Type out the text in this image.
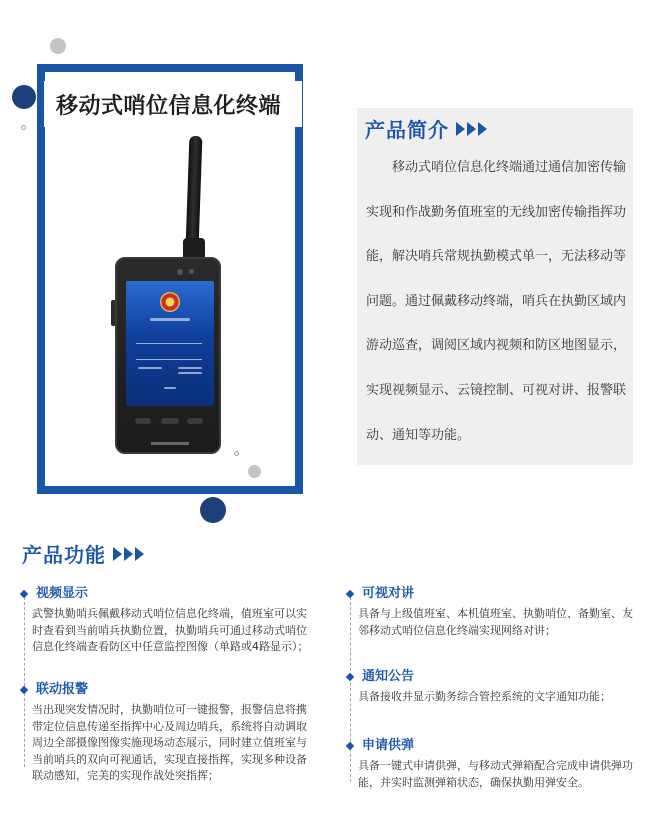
移动式哨位信息化终端
产品简介

移动式哨位信息化终端通过通信加密传输实现和作战勤务值班室的无线加密传输指挥功能，解决哨兵常规执勤模式单一，无法移动等问题。通过佩戴移动终端，哨兵在执勤区域内游动巡查，调阅区域内视频和防区地图显示，实现视频显示、云镜控制、可视对讲、报警联动、通知等功能。

产品功能
视频显示
武警执勤哨兵佩戴移动式哨位信息化终端，值班室可以实时查看到当前哨兵执勤位置，执勤哨兵可通过移动式哨位信息化终端查看防区中任意监控图像（单路或4路显示）；
联动报警
当出现突发情况时，执勤哨位可一键报警，报警信息将携带定位信息传递至指挥中心及周边哨兵，系统将自动调取周边全部摄像图像实施现场动态展示，同时建立值班室与当前哨兵的双向可视通话，实现直接指挥，实现多种设备联动感知，完美的实现作战处突指挥；
可视对讲
具备与上级值班室、本机值班室、执勤哨位、备勤室、友邻移动式哨位信息化终端实现网络对讲；
通知公告
具备接收并显示勤务综合管控系统的文字通知功能；
申请供弹
具备一键式申请供弹，与移动式弹箱配合完成申请供弹功能，并实时监测弹箱状态，确保执勤用弹安全。
